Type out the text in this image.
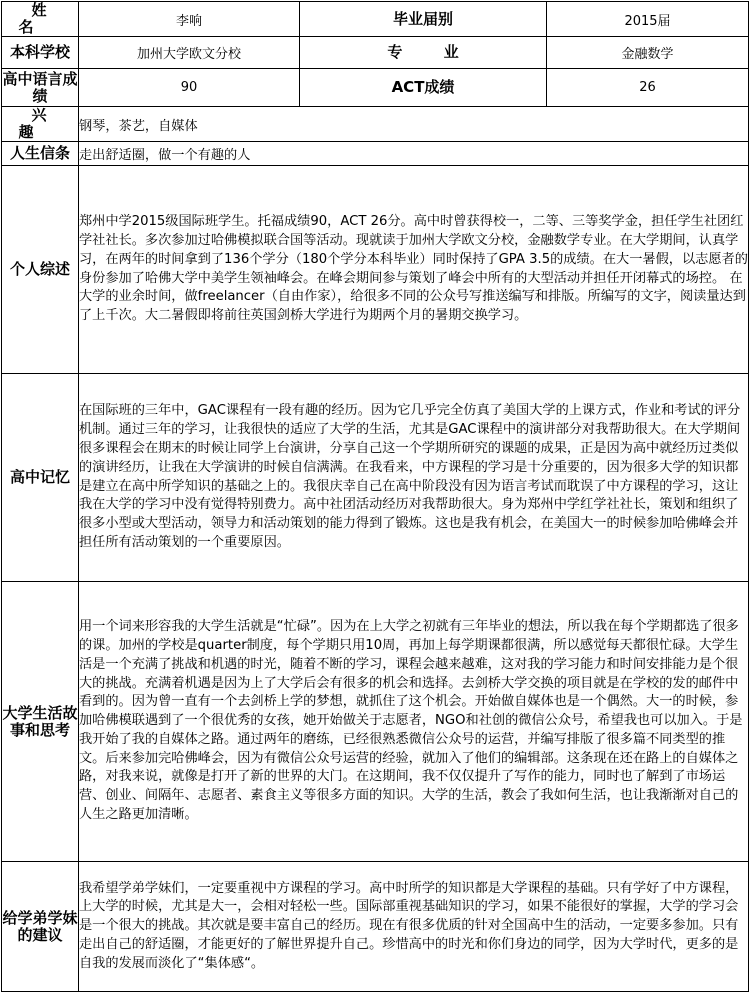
姓 名	李响	毕业届别	2015届
本科学校	加州大学欧文分校	专 业	金融数学
高中语言成绩	90	ACT成绩	26
兴 趣	钢琴，茶艺，自媒体		
人生信条	走出舒适圈，做一个有趣的人		
个人综述	郑州中学2015级国际班学生。托福成绩90，ACT 26分。高中时曾获得校一，二等、三等奖学金，担任学生社团红学社社长。多次参加过哈佛模拟联合国等活动。现就读于加州大学欧文分校，金融数学专业。在大学期间，认真学习，在两年的时间拿到了136个学分（180个学分本科毕业）同时保持了GPA 3.5的成绩。在大一暑假，以志愿者的身份参加了哈佛大学中美学生领袖峰会。在峰会期间参与策划了峰会中所有的大型活动并担任开闭幕式的场控。 在大学的业余时间，做freelancer（自由作家），给很多不同的公众号写推送编写和排版。所编写的文字，阅读量达到了上千次。大二暑假即将前往英国剑桥大学进行为期两个月的暑期交换学习。		
高中记忆	在国际班的三年中，GAC课程有一段有趣的经历。因为它几乎完全仿真了美国大学的上课方式，作业和考试的评分机制。通过三年的学习，让我很快的适应了大学的生活，尤其是GAC课程中的演讲部分对我帮助很大。在大学期间很多课程会在期末的时候让同学上台演讲，分享自己这一个学期所研究的课题的成果，正是因为高中就经历过类似的演讲经历，让我在大学演讲的时候自信满满。在我看来，中方课程的学习是十分重要的，因为很多大学的知识都是建立在高中所学知识的基础之上的。我很庆幸自己在高中阶段没有因为语言考试而耽误了中方课程的学习，这让我在大学的学习中没有觉得特别费力。高中社团活动经历对我帮助很大。身为郑州中学红学社社长，策划和组织了很多小型或大型活动，领导力和活动策划的能力得到了锻炼。这也是我有机会，在美国大一的时候参加哈佛峰会并担任所有活动策划的一个重要原因。		
大学生活故事和思考	用一个词来形容我的大学生活就是“忙碌”。因为在上大学之初就有三年毕业的想法，所以我在每个学期都选了很多的课。加州的学校是quarter制度，每个学期只用10周，再加上每学期课都很满，所以感觉每天都很忙碌。大学生活是一个充满了挑战和机遇的时光，随着不断的学习，课程会越来越难，这对我的学习能力和时间安排能力是个很大的挑战。充满着机遇是因为上了大学后会有很多的机会和选择。去剑桥大学交换的项目就是在学校的发的邮件中看到的。因为曾一直有一个去剑桥上学的梦想，就抓住了这个机会。开始做自媒体也是一个偶然。大一的时候，参加哈佛模联遇到了一个很优秀的女孩，她开始做关于志愿者，NGO和社创的微信公众号，希望我也可以加入。于是我开始了我的自媒体之路。通过两年的磨练，已经很熟悉微信公众号的运营，并编写排版了很多篇不同类型的推文。后来参加完哈佛峰会，因为有微信公众号运营的经验，就加入了他们的编辑部。这条现在还在路上的自媒体之路，对我来说，就像是打开了新的世界的大门。在这期间，我不仅仅提升了写作的能力，同时也了解到了市场运营、创业、间隔年、志愿者、素食主义等很多方面的知识。大学的生活，教会了我如何生活，也让我渐渐对自己的人生之路更加清晰。		
给学弟学妹的建议	我希望学弟学妹们，一定要重视中方课程的学习。高中时所学的知识都是大学课程的基础。只有学好了中方课程，上大学的时候，尤其是大一，会相对轻松一些。国际部重视基础知识的学习，如果不能很好的掌握，大学的学习会是一个很大的挑战。其次就是要丰富自己的经历。现在有很多优质的针对全国高中生的活动，一定要多参加。只有走出自己的舒适圈，才能更好的了解世界提升自己。珍惜高中的时光和你们身边的同学，因为大学时代，更多的是自我的发展而淡化了“集体感“。		
